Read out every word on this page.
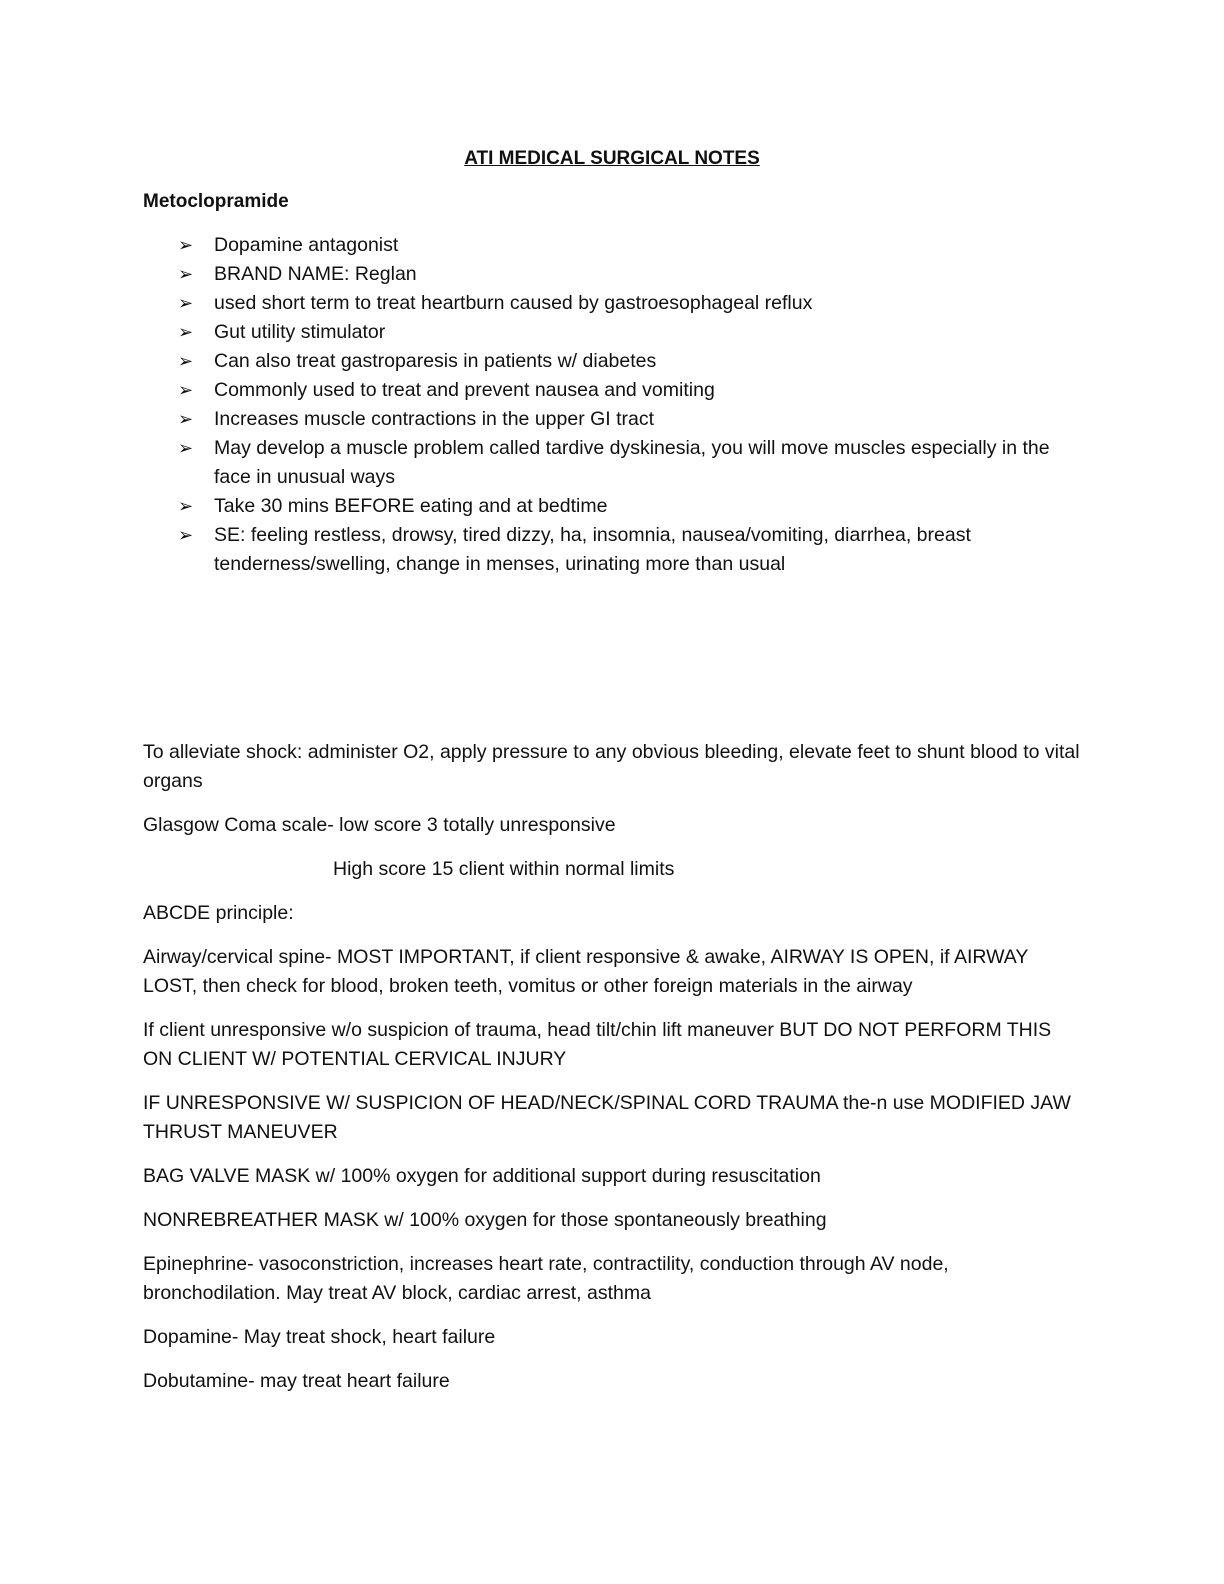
ATI MEDICAL SURGICAL NOTES
Metoclopramide
➢ Dopamine antagonist
➢ BRAND NAME: Reglan
➢ used short term to treat heartburn caused by gastroesophageal reflux
➢ Gut utility stimulator
➢ Can also treat gastroparesis in patients w/ diabetes
➢ Commonly used to treat and prevent nausea and vomiting
➢ Increases muscle contractions in the upper GI tract
➢ May develop a muscle problem called tardive dyskinesia, you will move muscles especially in the face in unusual ways
➢ Take 30 mins BEFORE eating and at bedtime
➢ SE: feeling restless, drowsy, tired dizzy, ha, insomnia, nausea/vomiting, diarrhea, breast tenderness/swelling, change in menses, urinating more than usual

To alleviate shock: administer O2, apply pressure to any obvious bleeding, elevate feet to shunt blood to vital organs

Glasgow Coma scale- low score 3 totally unresponsive

High score 15 client within normal limits

ABCDE principle:

Airway/cervical spine- MOST IMPORTANT, if client responsive & awake, AIRWAY IS OPEN, if AIRWAY LOST, then check for blood, broken teeth, vomitus or other foreign materials in the airway

If client unresponsive w/o suspicion of trauma, head tilt/chin lift maneuver BUT DO NOT PERFORM THIS ON CLIENT W/ POTENTIAL CERVICAL INJURY

IF UNRESPONSIVE W/ SUSPICION OF HEAD/NECK/SPINAL CORD TRAUMA the-n use MODIFIED JAW THRUST MANEUVER

BAG VALVE MASK w/ 100% oxygen for additional support during resuscitation

NONREBREATHER MASK w/ 100% oxygen for those spontaneously breathing

Epinephrine- vasoconstriction, increases heart rate, contractility, conduction through AV node, bronchodilation. May treat AV block, cardiac arrest, asthma

Dopamine- May treat shock, heart failure

Dobutamine- may treat heart failure
